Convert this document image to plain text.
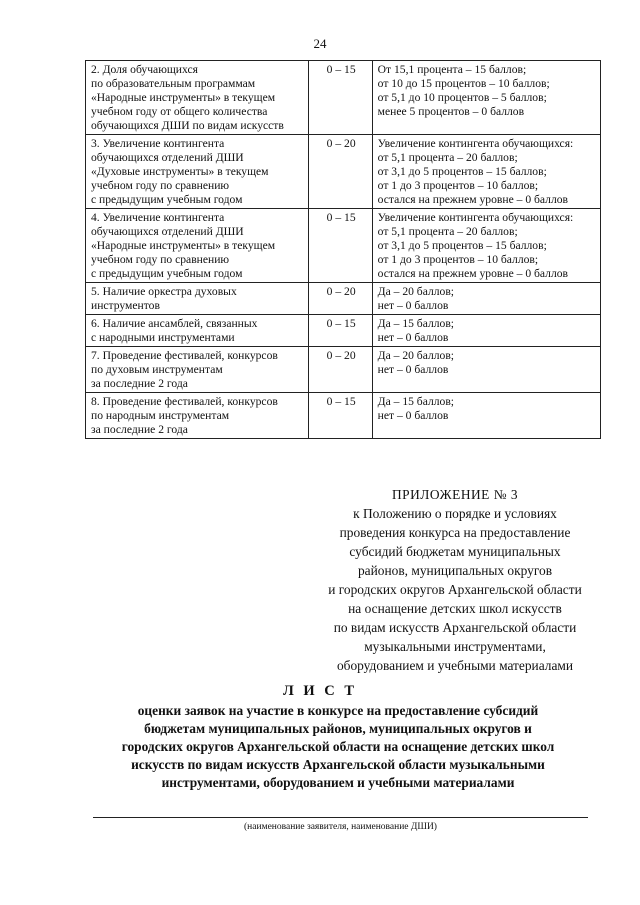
24
2. Доля обучающихся
по образовательным программам
«Народные инструменты» в текущем
учебном году от общего количества
обучающихся ДШИ по видам искусств	0 – 15	От 15,1 процента – 15 баллов;
от 10 до 15 процентов – 10 баллов;
от 5,1 до 10 процентов – 5 баллов;
менее 5 процентов – 0 баллов

3. Увеличение контингента
обучающихся отделений ДШИ
«Духовые инструменты» в текущем
учебном году по сравнению
с предыдущим учебным годом	0 – 20	Увеличение контингента обучающихся:
от 5,1 процента – 20 баллов;
от 3,1 до 5 процентов – 15 баллов;
от 1 до 3 процентов – 10 баллов;
остался на прежнем уровне – 0 баллов

4. Увеличение контингента
обучающихся отделений ДШИ
«Народные инструменты» в текущем
учебном году по сравнению
с предыдущим учебным годом	0 – 15	Увеличение контингента обучающихся:
от 5,1 процента – 20 баллов;
от 3,1 до 5 процентов – 15 баллов;
от 1 до 3 процентов – 10 баллов;
остался на прежнем уровне – 0 баллов

5. Наличие оркестра духовых
инструментов	0 – 20	Да – 20 баллов;
нет – 0 баллов

6. Наличие ансамблей, связанных
с народными инструментами	0 – 15	Да – 15 баллов;
нет – 0 баллов

7. Проведение фестивалей, конкурсов
по духовым инструментам
за последние 2 года	0 – 20	Да – 20 баллов;
нет – 0 баллов

8. Проведение фестивалей, конкурсов
по народным инструментам
за последние 2 года	0 – 15	Да – 15 баллов;
нет – 0 баллов
ПРИЛОЖЕНИЕ № 3
к Положению о порядке и условиях
проведения конкурса на предоставление
субсидий бюджетам муниципальных
районов, муниципальных округов
и городских округов Архангельской области
на оснащение детских школ искусств
по видам искусств Архангельской области
музыкальными инструментами,
оборудованием и учебными материалами
Л И С Т
оценки заявок на участие в конкурсе на предоставление субсидий
бюджетам муниципальных районов, муниципальных округов и
городских округов Архангельской области на оснащение детских школ
искусств по видам искусств Архангельской области музыкальными
инструментами, оборудованием и учебными материалами
(наименование заявителя, наименование ДШИ)
